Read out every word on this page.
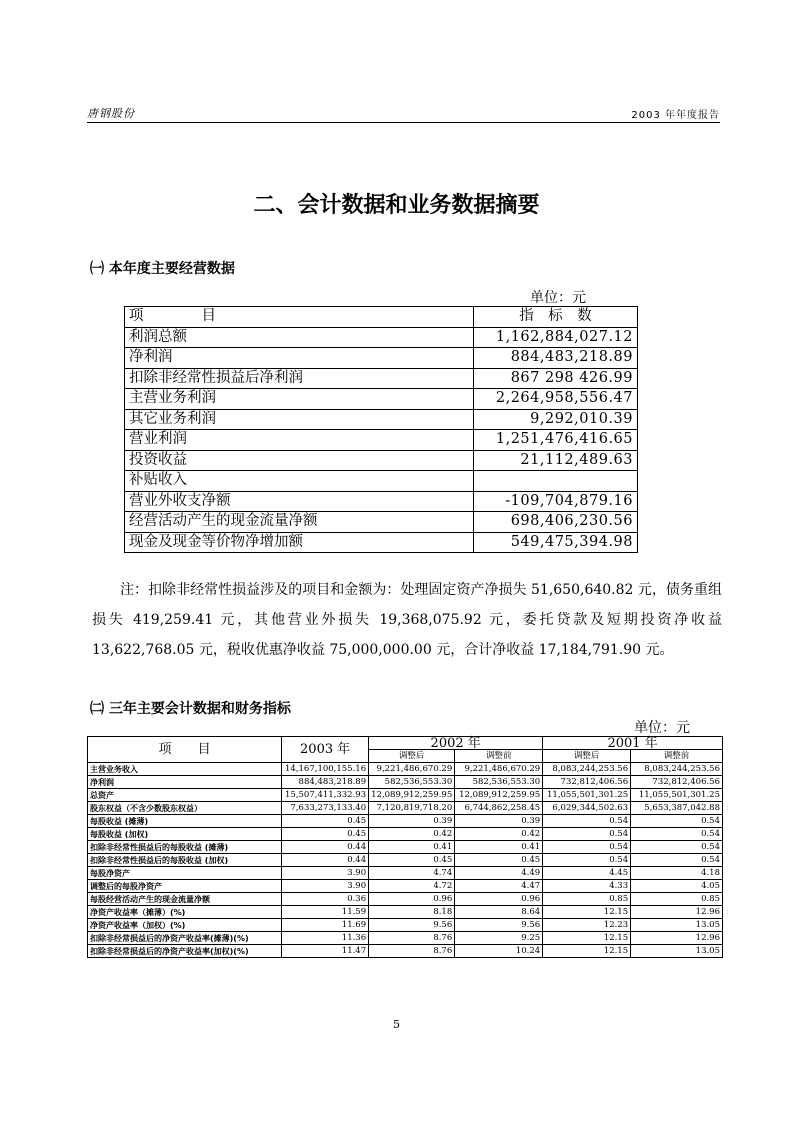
唐钢股份	2003 年年度报告
二、会计数据和业务数据摘要
㈠ 本年度主要经营数据
单位：元
项　　　　目	指　标　数
利润总额	1,162,884,027.12
净利润	884,483,218.89
扣除非经常性损益后净利润	867 298 426.99
主营业务利润	2,264,958,556.47
其它业务利润	9,292,010.39
营业利润	1,251,476,416.65
投资收益	21,112,489.63
补贴收入	
营业外收支净额	-109,704,879.16
经营活动产生的现金流量净额	698,406,230.56
现金及现金等价物净增加额	549,475,394.98

注：扣除非经常性损益涉及的项目和金额为：处理固定资产净损失 51,650,640.82 元，债务重组损失 419,259.41 元，其他营业外损失 19,368,075.92 元，委托贷款及短期投资净收益 13,622,768.05 元，税收优惠净收益 75,000,000.00 元，合计净收益 17,184,791.90 元。

㈡ 三年主要会计数据和财务指标
单位：元
项　　目	2003 年	2002 年		2001 年	
		调整后	调整前	调整后	调整前
主营业务收入	14,167,100,155.16	9,221,486,670.29	9,221,486,670.29	8,083,244,253.56	8,083,244,253.56
净利润	884,483,218.89	582,536,553.30	582,536,553.30	732,812,406.56	732,812,406.56
总资产	15,507,411,332.93	12,089,912,259.95	12,089,912,259.95	11,055,501,301.25	11,055,501,301.25
股东权益（不含少数股东权益）	7,633,273,133.40	7,120,819,718.20	6,744,862,258.45	6,029,344,502.63	5,653,387,042.88
每股收益 (摊薄)	0.45	0.39	0.39	0.54	0.54
每股收益 (加权)	0.45	0.42	0.42	0.54	0.54
扣除非经常性损益后的每股收益 (摊薄)	0.44	0.41	0.41	0.54	0.54
扣除非经常性损益后的每股收益 (加权)	0.44	0.45	0.45	0.54	0.54
每股净资产	3.90	4.74	4.49	4.45	4.18
调整后的每股净资产	3.90	4.72	4.47	4.33	4.05
每股经营活动产生的现金流量净额	0.36	0.96	0.96	0.85	0.85
净资产收益率（摊薄）(%)	11.59	8.18	8.64	12.15	12.96
净资产收益率（加权）(%)	11.69	9.56	9.56	12.23	13.05
扣除非经常损益后的净资产收益率(摊薄)(%)	11.36	8.76	9.25	12.15	12.96
扣除非经常损益后的净资产收益率(加权)(%)	11.47	8.76	10.24	12.15	13.05
5
